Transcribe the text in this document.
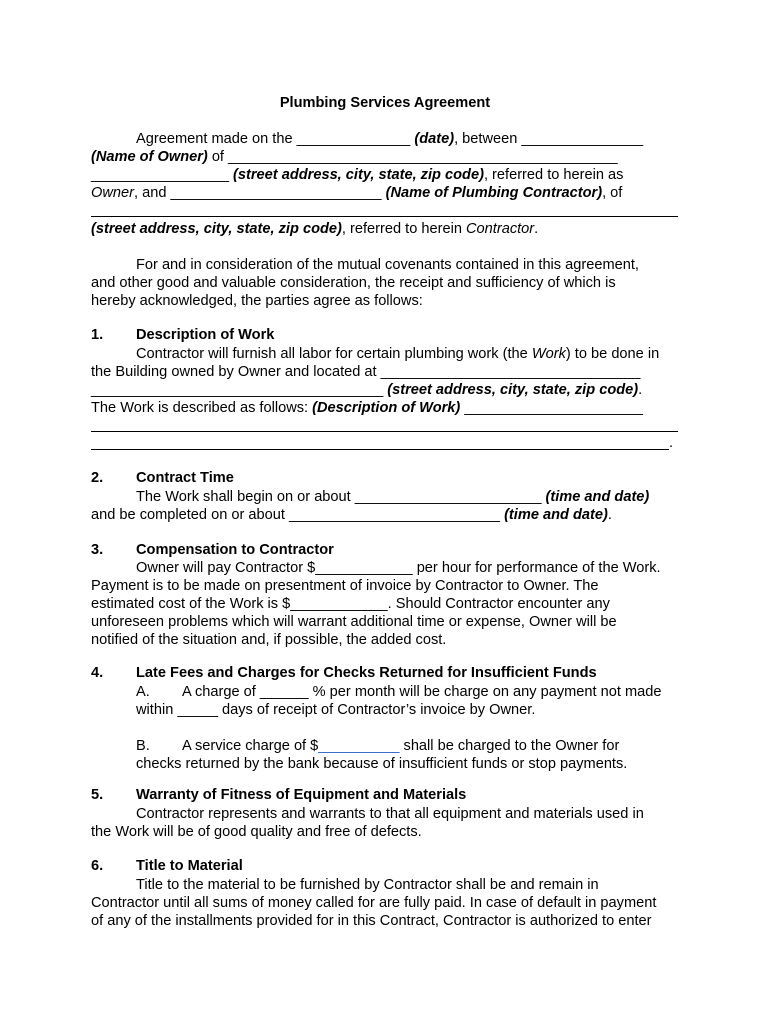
Plumbing Services Agreement
Agreement made on the ______________ (date), between _______________
(Name of Owner) of ________________________________________________
_________________ (street address, city, state, zip code), referred to herein as
Owner, and __________________________ (Name of Plumbing Contractor), of
(street address, city, state, zip code), referred to herein Contractor.
For and in consideration of the mutual covenants contained in this agreement,
and other good and valuable consideration, the receipt and sufficiency of which is
hereby acknowledged, the parties agree as follows:
1. Description of Work
Contractor will furnish all labor for certain plumbing work (the Work) to be done in
the Building owned by Owner and located at ________________________________
____________________________________ (street address, city, state, zip code).
The Work is described as follows: (Description of Work) ______________________
.
2. Contract Time
The Work shall begin on or about _______________________ (time and date)
and be completed on or about __________________________ (time and date).
3. Compensation to Contractor
Owner will pay Contractor $____________ per hour for performance of the Work.
Payment is to be made on presentment of invoice by Contractor to Owner. The
estimated cost of the Work is $____________. Should Contractor encounter any
unforeseen problems which will warrant additional time or expense, Owner will be
notified of the situation and, if possible, the added cost.
4. Late Fees and Charges for Checks Returned for Insufficient Funds
A.	A charge of ______ % per month will be charge on any payment not made
within _____ days of receipt of Contractor’s invoice by Owner.
B.	A service charge of $__________ shall be charged to the Owner for
checks returned by the bank because of insufficient funds or stop payments.
5. Warranty of Fitness of Equipment and Materials
Contractor represents and warrants to that all equipment and materials used in
the Work will be of good quality and free of defects.
6. Title to Material
Title to the material to be furnished by Contractor shall be and remain in
Contractor until all sums of money called for are fully paid. In case of default in payment
of any of the installments provided for in this Contract, Contractor is authorized to enter
